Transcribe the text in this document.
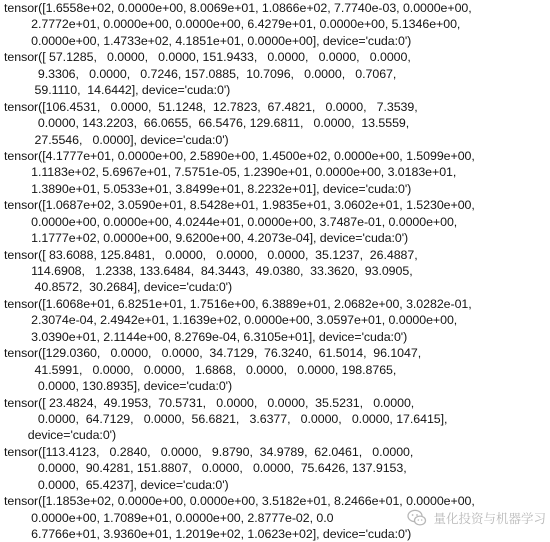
tensor([1.6558e+02, 0.0000e+00, 8.0069e+01, 1.0866e+02, 7.7740e-03, 0.0000e+00,
2.7772e+01, 0.0000e+00, 0.0000e+00, 6.4279e+01, 0.0000e+00, 5.1346e+00,
0.0000e+00, 1.4733e+02, 4.1851e+01, 0.0000e+00], device='cuda:0')
tensor([ 57.1285,   0.0000,   0.0000, 151.9433,   0.0000,   0.0000,   0.0000,
9.3306,   0.0000,   0.7246, 157.0885,  10.7096,   0.0000,   0.7067,
59.1110,  14.6442], device='cuda:0')
tensor([106.4531,   0.0000,  51.1248,  12.7823,  67.4821,   0.0000,   7.3539,
0.0000, 143.2203,  66.0655,  66.5476, 129.6811,   0.0000,  13.5559,
27.5546,   0.0000], device='cuda:0')
tensor([4.1777e+01, 0.0000e+00, 2.5890e+00, 1.4500e+02, 0.0000e+00, 1.5099e+00,
1.1183e+02, 5.6967e+01, 7.5751e-05, 1.2390e+01, 0.0000e+00, 3.0183e+01,
1.3890e+01, 5.0533e+01, 3.8499e+01, 8.2232e+01], device='cuda:0')
tensor([1.0687e+02, 3.0590e+01, 8.5428e+01, 1.9835e+01, 3.0602e+01, 1.5230e+00,
0.0000e+00, 0.0000e+00, 4.0244e+01, 0.0000e+00, 3.7487e-01, 0.0000e+00,
1.1777e+02, 0.0000e+00, 9.6200e+00, 4.2073e-04], device='cuda:0')
tensor([ 83.6088, 125.8481,   0.0000,   0.0000,   0.0000,  35.1237,  26.4887,
114.6908,   1.2338, 133.6484,  84.3443,  49.0380,  33.3620,  93.0905,
40.8572,  30.2684], device='cuda:0')
tensor([1.6068e+01, 6.8251e+01, 1.7516e+00, 6.3889e+01, 2.0682e+00, 3.0282e-01,
2.3074e-04, 2.4942e+01, 1.1639e+02, 0.0000e+00, 3.0597e+01, 0.0000e+00,
3.0390e+01, 2.1144e+00, 8.2769e-04, 6.3105e+01], device='cuda:0')
tensor([129.0360,   0.0000,   0.0000,  34.7129,  76.3240,  61.5014,  96.1047,
41.5991,   0.0000,   0.0000,   1.6868,   0.0000,   0.0000, 198.8765,
0.0000, 130.8935], device='cuda:0')
tensor([ 23.4824,  49.1953,  70.5731,   0.0000,   0.0000,  35.5231,   0.0000,
0.0000,  64.7129,   0.0000,  56.6821,   3.6377,   0.0000,   0.0000, 17.6415],
device='cuda:0')
tensor([113.4123,   0.2840,   0.0000,   9.8790,  34.9789,  62.0461,   0.0000,
0.0000,  90.4281, 151.8807,   0.0000,   0.0000,  75.6426, 137.9153,
0.0000,  65.4237], device='cuda:0')
tensor([1.1853e+02, 0.0000e+00, 0.0000e+00, 3.5182e+01, 8.2466e+01, 0.0000e+00,
0.0000e+00, 1.7089e+01, 0.0000e+00, 2.8777e-02, 0.0
6.7766e+01, 3.9360e+01, 1.2019e+02, 1.0623e+02], device='cuda:0')
量化投资与机器学习
